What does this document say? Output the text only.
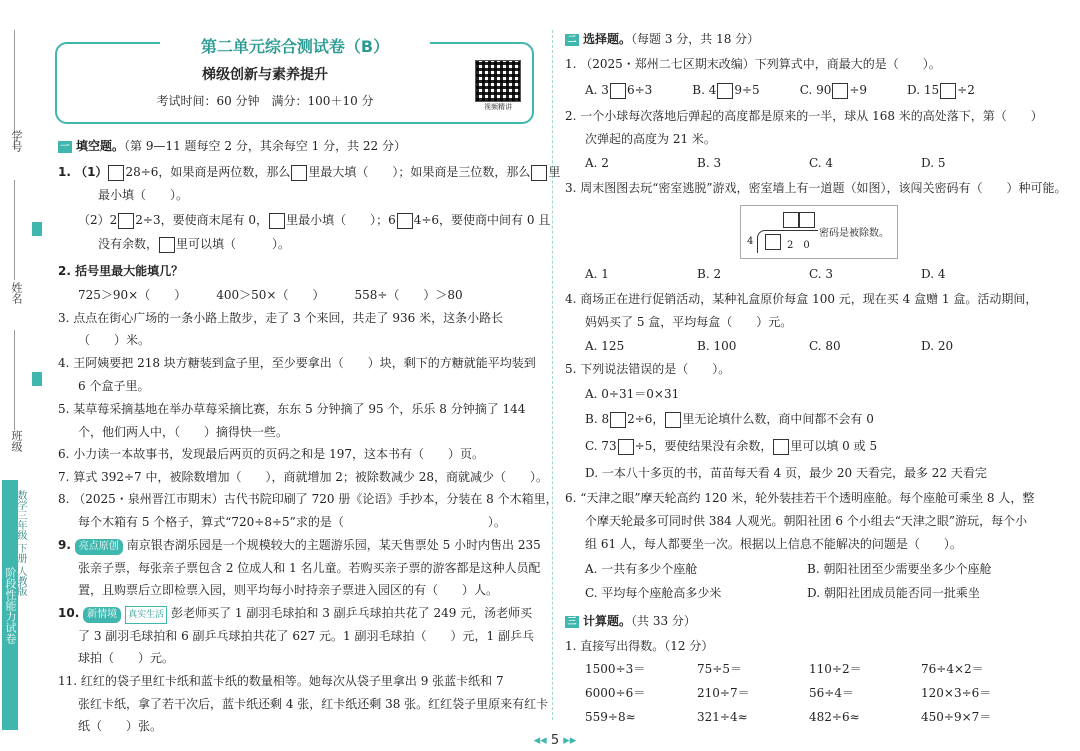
学号
姓名
班级
阶段性能力试卷
数学三年级 下册 人教版
第二单元综合测试卷（B）
梯级创新与素养提升
考试时间：60 分钟　满分：100＋10 分	视频精讲
一 填空题。（第 9—11 题每空 2 分，其余每空 1 分，共 22 分）
1. （1） 28÷6，如果商是两位数，那么 里最大填（　　）；如果商是三位数，那么 里
最小填（　　）。
（2）2 2÷3，要使商末尾有 0， 里最小填（　　）；6 4÷6，要使商中间有 0 且
没有余数， 里可以填（　　　）。
2. 括号里最大能填几？
725＞90×（　　）　　　400＞50×（　　）　　　558÷（　　）＞80
3. 点点在街心广场的一条小路上散步，走了 3 个来回，共走了 936 米，这条小路长
（　　）米。
4. 王阿姨要把 218 块方糖装到盒子里，至少要拿出（　　）块，剩下的方糖就能平均装到
6 个盒子里。
5. 某草莓采摘基地在举办草莓采摘比赛，东东 5 分钟摘了 95 个，乐乐 8 分钟摘了 144
个，他们两人中，（　　）摘得快一些。
6. 小力读一本故事书，发现最后两页的页码之和是 197，这本书有（　　）页。
7. 算式 392÷7 中，被除数增加（　　），商就增加 2；被除数减少 28，商就减少（　　）。
8. （2025・泉州晋江市期末）古代书院印刷了 720 册《论语》手抄本，分装在 8 个木箱里，
每个木箱有 5 个格子，算式“720÷8÷5”求的是（　　　　　　　　　　　　）。
9. 亮点原创 南京银杏湖乐园是一个规模较大的主题游乐园，某天售票处 5 小时内售出 235
张亲子票，每张亲子票包含 2 位成人和 1 名儿童。若购买亲子票的游客都是这种人员配
置，且购票后立即检票入园，则平均每小时持亲子票进入园区的有（　　）人。
10. 新情境 真实生活 彭老师买了 1 副羽毛球拍和 3 副乒乓球拍共花了 249 元，汤老师买
了 3 副羽毛球拍和 6 副乒乓球拍共花了 627 元。1 副羽毛球拍（　　）元，1 副乒乓
球拍（　　）元。
11. 红红的袋子里红卡纸和蓝卡纸的数量相等。她每次从袋子里拿出 9 张蓝卡纸和 7
张红卡纸，拿了若干次后，蓝卡纸还剩 4 张，红卡纸还剩 38 张。红红袋子里原来有红卡
纸（　　）张。
二 选择题。（每题 3 分，共 18 分）
1. （2025・郑州二七区期末改编）下列算式中，商最大的是（　　）。
A. 3 6÷3	B. 4 9÷5	C. 90 ÷9	D. 15 ÷2
2. 一个小球每次落地后弹起的高度都是原来的一半，球从 168 米的高处落下，第（　　）
次弹起的高度为 21 米。
A. 2	B. 3	C. 4	D. 5
3. 周末图图去玩“密室逃脱”游戏，密室墙上有一道题（如图），该闯关密码有（　　）种可能。
密码是被除数。
4	2　0
A. 1	B. 2	C. 3	D. 4
4. 商场正在进行促销活动，某种礼盒原价每盒 100 元，现在买 4 盒赠 1 盒。活动期间，
妈妈买了 5 盒，平均每盒（　　）元。
A. 125	B. 100	C. 80	D. 20
5. 下列说法错误的是（　　）。
A. 0÷31＝0×31
B. 8 2÷6， 里无论填什么数，商中间都不会有 0
C. 73 ÷5，要使结果没有余数， 里可以填 0 或 5
D. 一本八十多页的书，苗苗每天看 4 页，最少 20 天看完，最多 22 天看完
6. “天津之眼”摩天轮高约 120 米，轮外装挂若干个透明座舱。每个座舱可乘坐 8 人，整
个摩天轮最多可同时供 384 人观光。朝阳社团 6 个小组去“天津之眼”游玩，每个小
组 61 人，每人都要坐一次。根据以上信息不能解决的问题是（　　）。
A. 一共有多少个座舱	B. 朝阳社团至少需要坐多少个座舱
C. 平均每个座舱高多少米	D. 朝阳社团成员能否同一批乘坐
三 计算题。（共 33 分）
1. 直接写出得数。（12 分）
1500÷3＝	75÷5＝	110÷2＝	76÷4×2＝
6000÷6＝	210÷7＝	56÷4＝	120×3÷6＝
559÷8≈	321÷4≈	482÷6≈	450÷9×7＝
◂◂ 5 ▸▸
